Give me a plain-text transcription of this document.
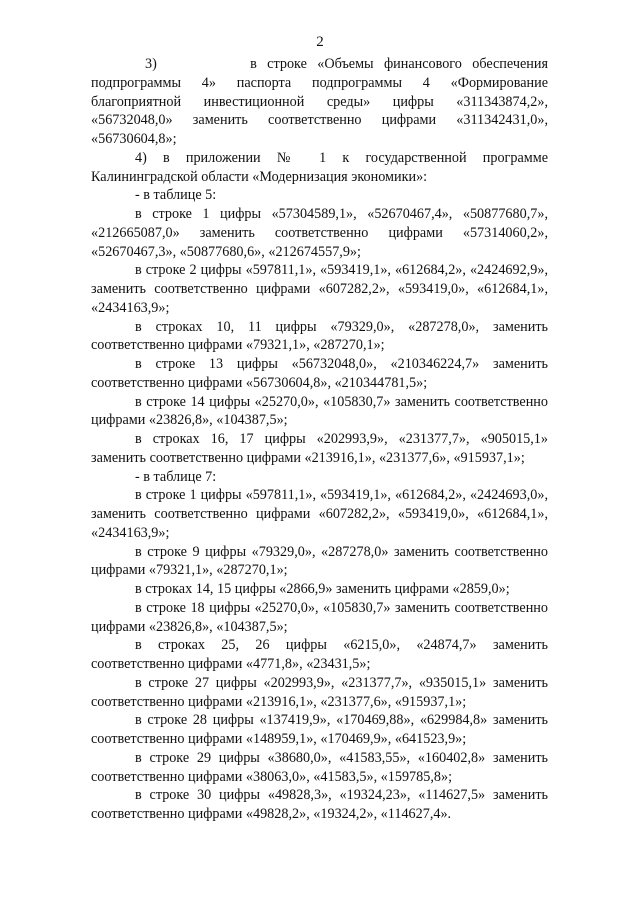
2

3)         в строке «Объемы финансового обеспечения подпрограммы 4» паспорта подпрограммы 4 «Формирование благоприятной инвестиционной среды» цифры «311343874,2», «56732048,0» заменить соответственно цифрами «311342431,0», «56730604,8»;

4) в приложении № 1 к государственной программе Калининградской области «Модернизация экономики»:

- в таблице 5:

в строке 1 цифры «57304589,1», «52670467,4», «50877680,7», «212665087,0» заменить соответственно цифрами «57314060,2», «52670467,3», «50877680,6», «212674557,9»;

в строке 2 цифры «597811,1», «593419,1», «612684,2», «2424692,9», заменить соответственно цифрами «607282,2», «593419,0», «612684,1», «2434163,9»;

в строках 10, 11 цифры «79329,0», «287278,0», заменить соответственно цифрами «79321,1», «287270,1»;

в строке 13 цифры «56732048,0», «210346224,7» заменить соответственно цифрами «56730604,8», «210344781,5»;

в строке 14 цифры «25270,0», «105830,7» заменить соответственно цифрами «23826,8», «104387,5»;

в строках 16, 17 цифры «202993,9», «231377,7», «905015,1» заменить соответственно цифрами «213916,1», «231377,6», «915937,1»;

- в таблице 7:

в строке 1 цифры «597811,1», «593419,1», «612684,2», «2424693,0», заменить соответственно цифрами «607282,2», «593419,0», «612684,1», «2434163,9»;

в строке 9 цифры «79329,0», «287278,0» заменить соответственно цифрами «79321,1», «287270,1»;

в строках 14, 15 цифры «2866,9» заменить цифрами «2859,0»;

в строке 18 цифры «25270,0», «105830,7» заменить соответственно цифрами «23826,8», «104387,5»;

в строках 25, 26 цифры «6215,0», «24874,7» заменить соответственно цифрами «4771,8», «23431,5»;

в строке 27 цифры «202993,9», «231377,7», «935015,1» заменить соответственно цифрами «213916,1», «231377,6», «915937,1»;

в строке 28 цифры «137419,9», «170469,88», «629984,8» заменить соответственно цифрами «148959,1», «170469,9», «641523,9»;

в строке 29 цифры «38680,0», «41583,55», «160402,8» заменить соответственно цифрами «38063,0», «41583,5», «159785,8»;

в строке 30 цифры «49828,3», «19324,23», «114627,5» заменить соответственно цифрами «49828,2», «19324,2», «114627,4».
